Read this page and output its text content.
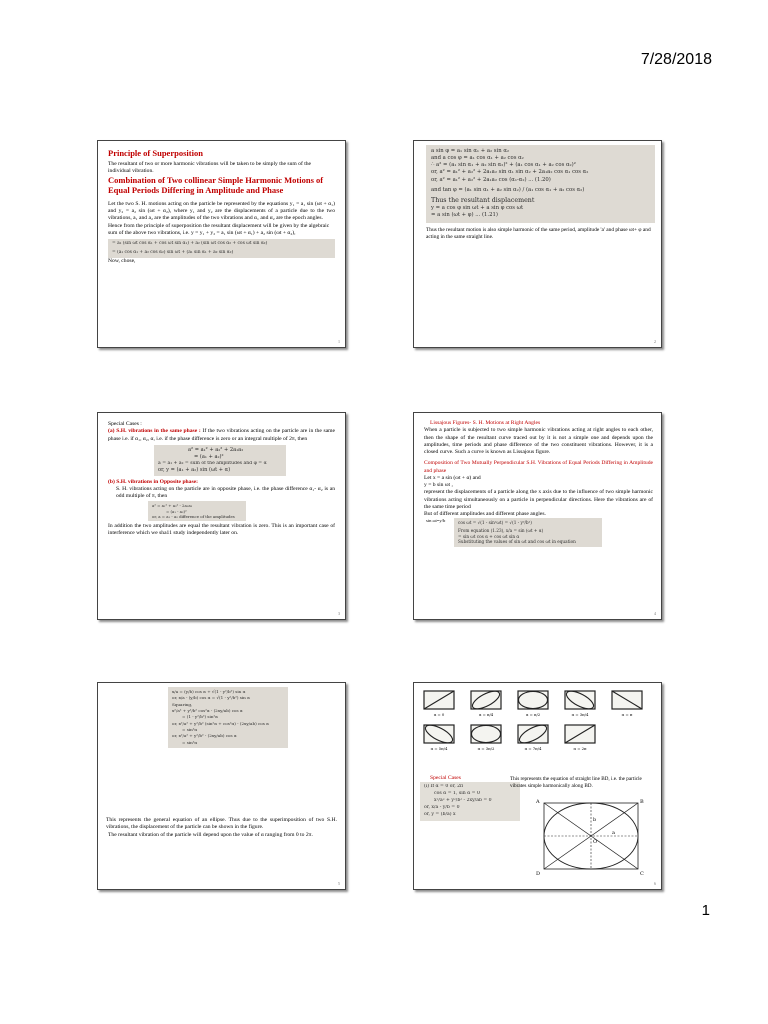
7/28/2018

Principle of Superposition

The resultant of two or more harmonic vibrations will be taken to be simply the sum of the individual vibration.

Combination of Two collinear Simple Harmonic Motions of Equal Periods Differing in Amplitude and Phase

Let the two S. H. motions acting on the particle be represented by the equations y₁ = a₁ sin (ωt + α₁) and y₂ = a₂ sin (ωt + α₂), where y₁ and y₂ are the displacements of a particle due to the two vibrations, a₁ and a₂ are the amplitudes of the two vibrations and α₁ and α₂ are the epoch angles.

Hence from the principle of superposition the resultant displacement will be given by the algebraic sum of the above two vibrations, i.e. y = y₁ + y₂ = a₁ sin (ωt + α₁) + a₂ sin (ωt + α₂),

= a₁ (sin ωt cos α₁ + cos ωt sin α₁) + a₂ (sin ωt cos α₂ + cos ωt sin α₂)
= (a₁ cos α₁ + a₂ cos α₂) sin ωt + (a₁ sin α₁ + a₂ sin α₂)

Now, chose,

1
a sin φ = a₁ sin α₁ + a₂ sin α₂
and a cos φ = a₁ cos α₁ + a₂ cos α₂
∴ a² = (a₁ sin α₁ + a₂ sin α₂)² + (a₁ cos α₁ + a₂ cos α₂)²
or, a² = a₁² + a₂² + 2a₁a₂ sin α₁ sin α₂ + 2a₁a₂ cos α₁ cos α₂
or, a² = a₁² + a₂² + 2a₁a₂ cos (α₁-α₂) ... (1.20)
and tan φ = (a₁ sin α₁ + a₂ sin α₂) / (a₁ cos α₁ + a₂ cos α₂)
Thus the resultant displacement
y = a cos φ sin ωt + a sin φ cos ωt
= a sin (ωt + φ) ... (1.21)

Thus the resultant motion is also simple harmonic of the same period, amplitude 'a' and phase ωt+ φ and acting in the same straight line.

2

Special Cases :

(a) S.H. vibrations in the same phase : If the two vibrations acting on the particle are in the same phase i.e. if α₁, α₂, α, i.e. if the phase difference is zero or an integral multiple of 2π, then

a² = a₁² + a₂² + 2a₁a₂
= (a₁ + a₂)²
a = a₁ + a₂ = sum of the amplitudes and φ = α
or, y = (a₁ + a₂) sin (ωt + α)

(b) S.H. vibrations in Opposite phase:

S. H. vibrations acting on the particle are in opposite phase, i.e. the phase difference α₁- α₂ is an odd multiple of π, then

a² = a₁² + a₂² - 2a₁a₂
= (a₁ - a₂)²
or, a = a₁ - a₂ difference of the amplitudes

In addition the two amplitudes are equal the resultant vibration is zero. This is an important case of interference which we sha11 study independently later on.

3

Lissajous Figures- S. H. Motions at Right Angles

When a particle is subjected to two simple harmonic vibrations acting at right angles to each other, then the shape of the resultant curve traced out by it is not a simple one and depends upon the amplitudes, time periods and phase difference of the two constituent vibrations. However, it is a closed curve. Such a curve is known as Lissajous figure.

Composition of Two Mutually Perpendicular S.H. Vibrations of Equal Periods Differing in Amplitude and phase

Let x = a sin (ωt + α) and

y = b sin ωt ,

represent the displacements of a particle along the x axis due to the influence of two simple harmonic vibrations acting simultaneously on a particle in perpendicular directions. Here the vibrations are of the same time period

But of different amplitudes and different phase angles.

sin ωt=y/b	cos ωt = √(1 - sin²ωt) = √(1 - y²/b²)
From equation (1.23), x/a = sin (ωt + α)
= sin ωt cos α + cos ωt sin α
Substituting the values of sin ωt and cos ωt in equation
4
x/a = (y/b) cos α + √(1 - y²/b²) sin α
or, x/a - (y/b) cos α = √(1 - y²/b²) sin α
Squaring,
x²/a² + y²/b² cos²α - (2xy/ab) cos α
= (1 - y²/b²) sin²α
or, x²/a² + y²/b² (sin²α + cos²α) - (2xy/ab) cos α
= sin²α
or, x²/a² + y²/b² - (2xy/ab) cos α
= sin²α

This represents the general equation of an ellipse. Thus due to the superimposition of two S.H. vibrations, the displacement of the particle can be shown in the figure.

The resultant vibration of the particle will depend upon the value of α ranging from 0 to 2π.

5
α = 0	α = π/4	α = π/2	α = 3π/4	α = π
α = 5π/4	α = 3π/2	α = 7π/4	α = 2π

Special Cases

(i) If α = 0 or, 2π
cos α = 1, sin α = 0
x²/a² + y²/b² - 2xy/ab = 0
or, x/a - y/b = 0
or, y = (b/a) x

This represents the equation of straight line BD, i.e. the particle vibrates simple harmonically along BD.

A	B
C
D
O
a
b
6
1
